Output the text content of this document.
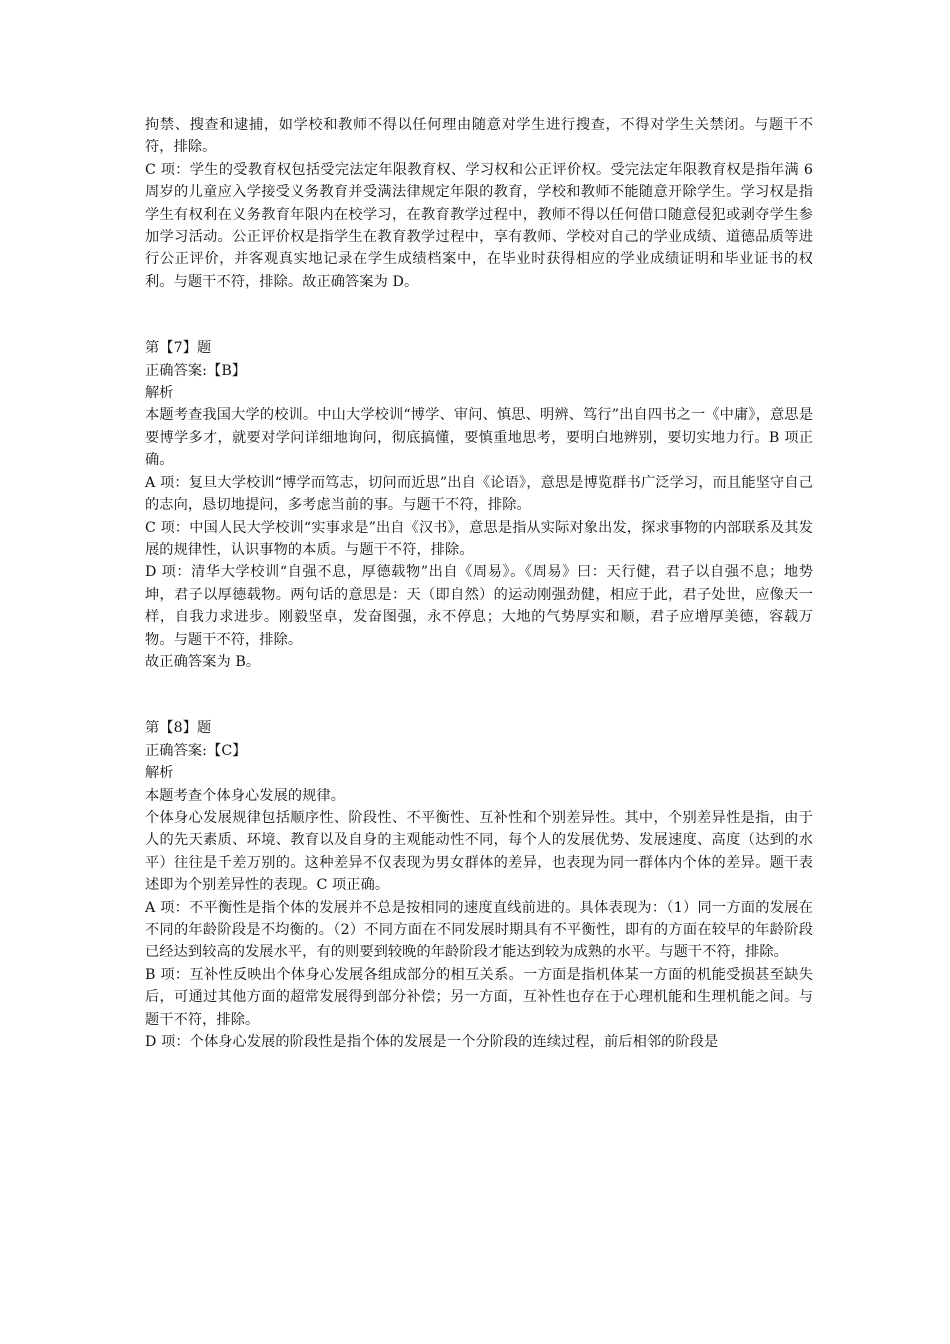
拘禁、搜查和逮捕，如学校和教师不得以任何理由随意对学生进行搜查，不得对学生关禁闭。与题干不符，排除。

C 项：学生的受教育权包括受完法定年限教育权、学习权和公正评价权。受完法定年限教育权是指年满 6 周岁的儿童应入学接受义务教育并受满法律规定年限的教育，学校和教师不能随意开除学生。学习权是指学生有权利在义务教育年限内在校学习，在教育教学过程中，教师不得以任何借口随意侵犯或剥夺学生参加学习活动。公正评价权是指学生在教育教学过程中，享有教师、学校对自己的学业成绩、道德品质等进行公正评价，并客观真实地记录在学生成绩档案中，在毕业时获得相应的学业成绩证明和毕业证书的权利。与题干不符，排除。故正确答案为 D。

第【7】题

正确答案:【B】

解析

本题考查我国大学的校训。中山大学校训“博学、审问、慎思、明辨、笃行”出自四书之一《中庸》，意思是要博学多才，就要对学问详细地询问，彻底搞懂，要慎重地思考，要明白地辨别，要切实地力行。B 项正确。

A 项：复旦大学校训“博学而笃志，切问而近思”出自《论语》，意思是博览群书广泛学习，而且能坚守自己的志向，恳切地提问，多考虑当前的事。与题干不符，排除。

C 项：中国人民大学校训“实事求是”出自《汉书》，意思是指从实际对象出发，探求事物的内部联系及其发展的规律性，认识事物的本质。与题干不符，排除。

D 项：清华大学校训“自强不息，厚德载物”出自《周易》。《周易》曰：天行健，君子以自强不息；地势坤，君子以厚德载物。两句话的意思是：天（即自然）的运动刚强劲健，相应于此，君子处世，应像天一样，自我力求进步。刚毅坚卓，发奋图强，永不停息；大地的气势厚实和顺，君子应增厚美德，容载万物。与题干不符，排除。

故正确答案为 B。

第【8】题

正确答案:【C】

解析

本题考查个体身心发展的规律。

个体身心发展规律包括顺序性、阶段性、不平衡性、互补性和个别差异性。其中，个别差异性是指，由于人的先天素质、环境、教育以及自身的主观能动性不同，每个人的发展优势、发展速度、高度（达到的水平）往往是千差万别的。这种差异不仅表现为男女群体的差异，也表现为同一群体内个体的差异。题干表述即为个别差异性的表现。C 项正确。

A 项：不平衡性是指个体的发展并不总是按相同的速度直线前进的。具体表现为：（1）同一方面的发展在不同的年龄阶段是不均衡的。（2）不同方面在不同发展时期具有不平衡性，即有的方面在较早的年龄阶段已经达到较高的发展水平，有的则要到较晚的年龄阶段才能达到较为成熟的水平。与题干不符，排除。

B 项：互补性反映出个体身心发展各组成部分的相互关系。一方面是指机体某一方面的机能受损甚至缺失后，可通过其他方面的超常发展得到部分补偿；另一方面，互补性也存在于心理机能和生理机能之间。与题干不符，排除。

D 项：个体身心发展的阶段性是指个体的发展是一个分阶段的连续过程，前后相邻的阶段是
